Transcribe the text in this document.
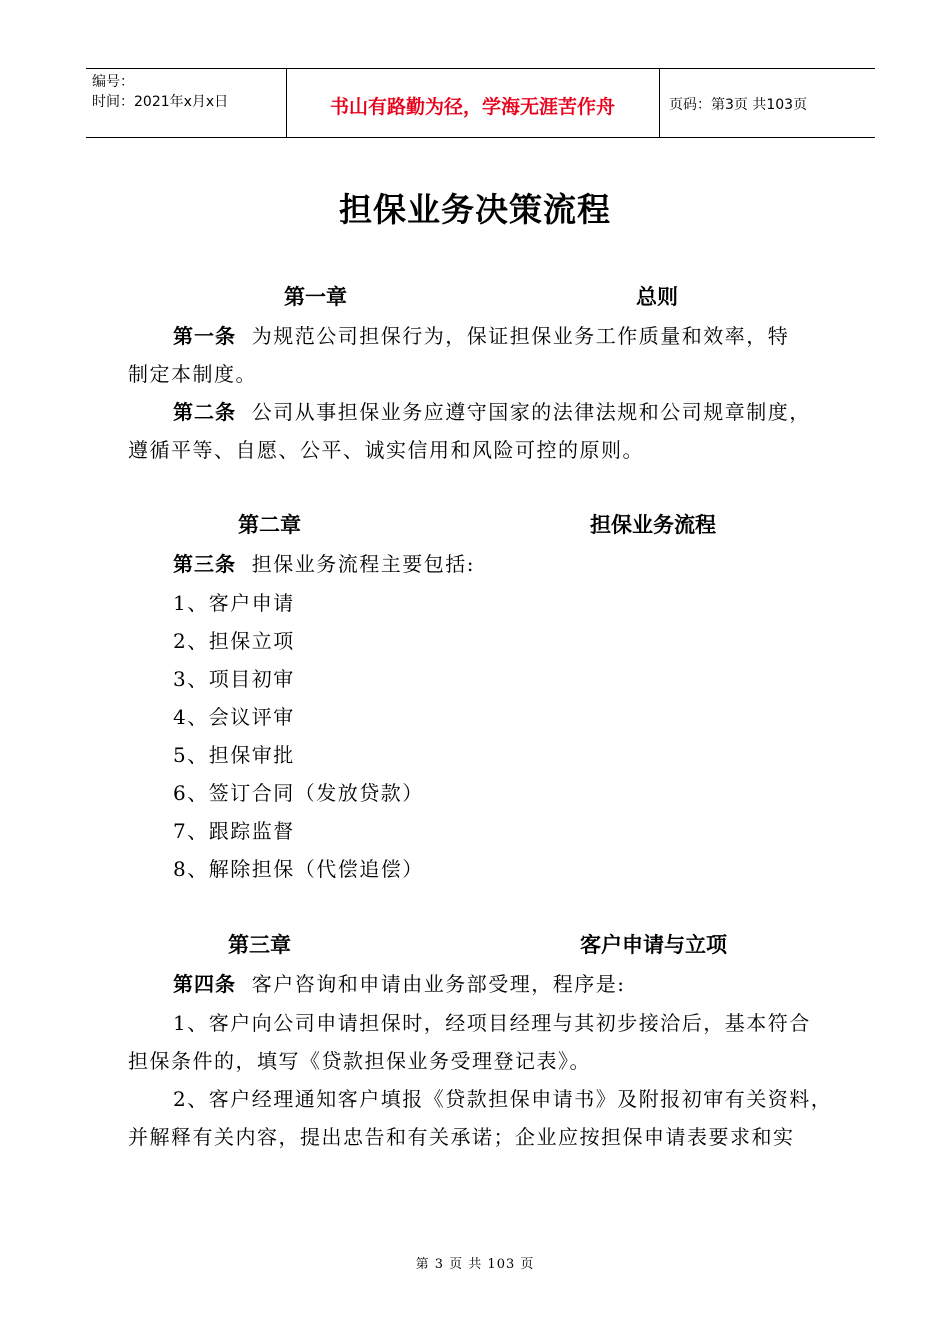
编号：
时间：2021年x月x日	书山有路勤为径，学海无涯苦作舟	页码：第3页 共103页
担保业务决策流程
第一章	总则
第一条 为规范公司担保行为，保证担保业务工作质量和效率，特
制定本制度。
第二条 公司从事担保业务应遵守国家的法律法规和公司规章制度，
遵循平等、自愿、公平、诚实信用和风险可控的原则。
第二章	担保业务流程
第三条 担保业务流程主要包括:
1、客户申请
2、担保立项
3、项目初审
4、会议评审
5、担保审批
6、签订合同（发放贷款）
7、跟踪监督
8、解除担保（代偿追偿）
第三章	客户申请与立项
第四条 客户咨询和申请由业务部受理，程序是:
1、客户向公司申请担保时，经项目经理与其初步接洽后，基本符合
担保条件的，填写《贷款担保业务受理登记表》。
2、客户经理通知客户填报《贷款担保申请书》及附报初审有关资料，
并解释有关内容，提出忠告和有关承诺；企业应按担保申请表要求和实
第 3 页 共 103 页
